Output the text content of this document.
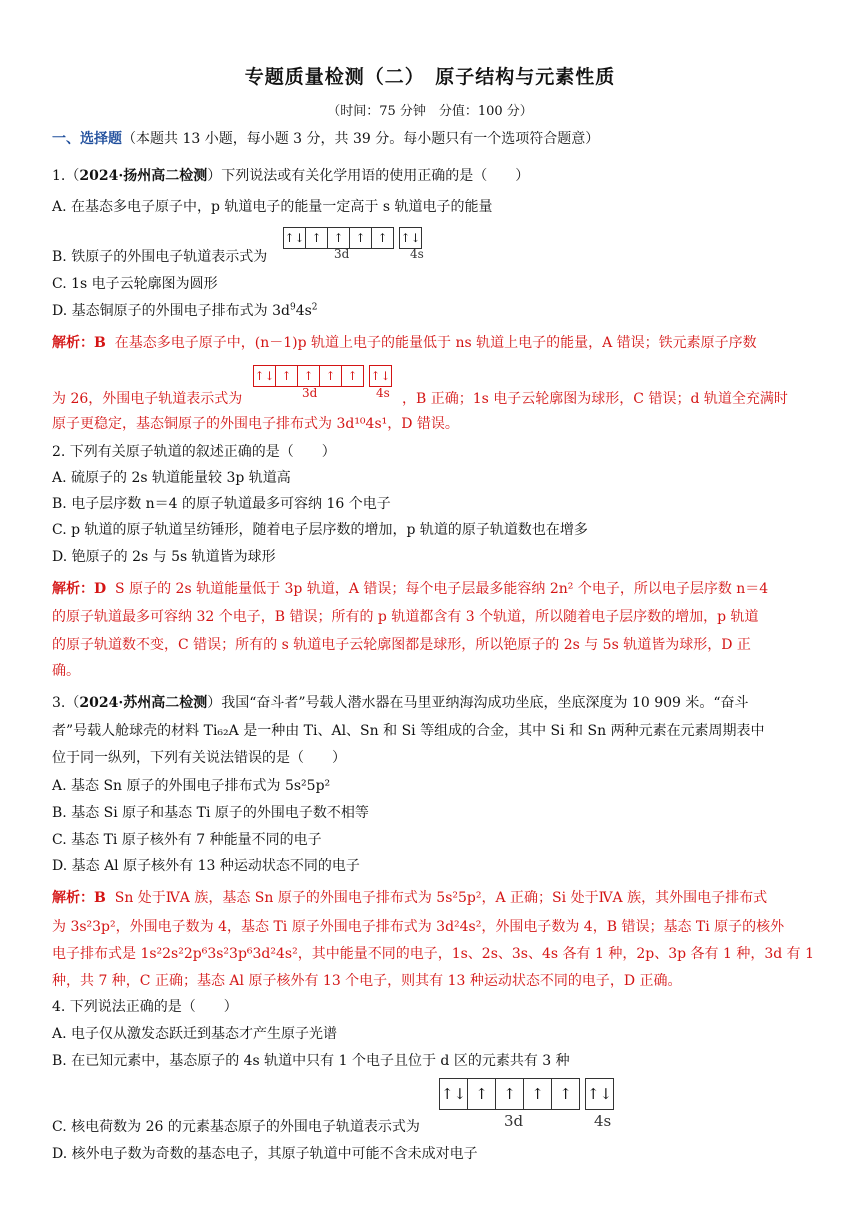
专题质量检测（二）　原子结构与元素性质
（时间：75 分钟　分值：100 分）
一、选择题（本题共 13 小题，每小题 3 分，共 39 分。每小题只有一个选项符合题意）
1.（2024·扬州高二检测）下列说法或有关化学用语的使用正确的是（　　）
A. 在基态多电子原子中，p 轨道电子的能量一定高于 s 轨道电子的能量
↑↓ ↑ ↑ ↑ ↑	↑↓
3d	4s
B. 铁原子的外围电子轨道表示式为
C. 1s 电子云轮廓图为圆形
D. 基态铜原子的外围电子排布式为 $3d^94s^2$
解析：B 在基态多电子原子中，(n－1)p 轨道上电子的能量低于 ns 轨道上电子的能量，A 错误；铁元素原子序数
↑↓ ↑ ↑ ↑ ↑	↑↓
3d	4s
为 26，外围电子轨道表示式为	，B 正确；1s 电子云轮廓图为球形，C 错误；d 轨道全充满时
原子更稳定，基态铜原子的外围电子排布式为 3d¹⁰4s¹，D 错误。
2. 下列有关原子轨道的叙述正确的是（　　）
A. 硫原子的 2s 轨道能量较 3p 轨道高
B. 电子层序数 n＝4 的原子轨道最多可容纳 16 个电子
C. p 轨道的原子轨道呈纺锤形，随着电子层序数的增加，p 轨道的原子轨道数也在增多
D. 铯原子的 2s 与 5s 轨道皆为球形
解析：D S 原子的 2s 轨道能量低于 3p 轨道，A 错误；每个电子层最多能容纳 2n² 个电子，所以电子层序数 n＝4
的原子轨道最多可容纳 32 个电子，B 错误；所有的 p 轨道都含有 3 个轨道，所以随着电子层序数的增加，p 轨道
的原子轨道数不变，C 错误；所有的 s 轨道电子云轮廓图都是球形，所以铯原子的 2s 与 5s 轨道皆为球形，D 正
确。
3.（2024·苏州高二检测）我国“奋斗者”号载人潜水器在马里亚纳海沟成功坐底，坐底深度为 10 909 米。“奋斗
者”号载人舱球壳的材料 Ti₆₂A 是一种由 Ti、Al、Sn 和 Si 等组成的合金，其中 Si 和 Sn 两种元素在元素周期表中
位于同一纵列，下列有关说法错误的是（　　）
A. 基态 Sn 原子的外围电子排布式为 5s²5p²
B. 基态 Si 原子和基态 Ti 原子的外围电子数不相等
C. 基态 Ti 原子核外有 7 种能量不同的电子
D. 基态 Al 原子核外有 13 种运动状态不同的电子
解析：B Sn 处于ⅣA 族，基态 Sn 原子的外围电子排布式为 5s²5p²，A 正确；Si 处于ⅣA 族，其外围电子排布式
为 3s²3p²，外围电子数为 4，基态 Ti 原子外围电子排布式为 3d²4s²，外围电子数为 4，B 错误；基态 Ti 原子的核外
电子排布式是 1s²2s²2p⁶3s²3p⁶3d²4s²，其中能量不同的电子，1s、2s、3s、4s 各有 1 种，2p、3p 各有 1 种，3d 有 1
种，共 7 种，C 正确；基态 Al 原子核外有 13 个电子，则其有 13 种运动状态不同的电子，D 正确。
4. 下列说法正确的是（　　）
A. 电子仅从激发态跃迁到基态才产生原子光谱
B. 在已知元素中，基态原子的 4s 轨道中只有 1 个电子且位于 d 区的元素共有 3 种
↑↓ ↑	↑	↑	↑	↑↓
3d	4s
C. 核电荷数为 26 的元素基态原子的外围电子轨道表示式为
D. 核外电子数为奇数的基态电子，其原子轨道中可能不含未成对电子
